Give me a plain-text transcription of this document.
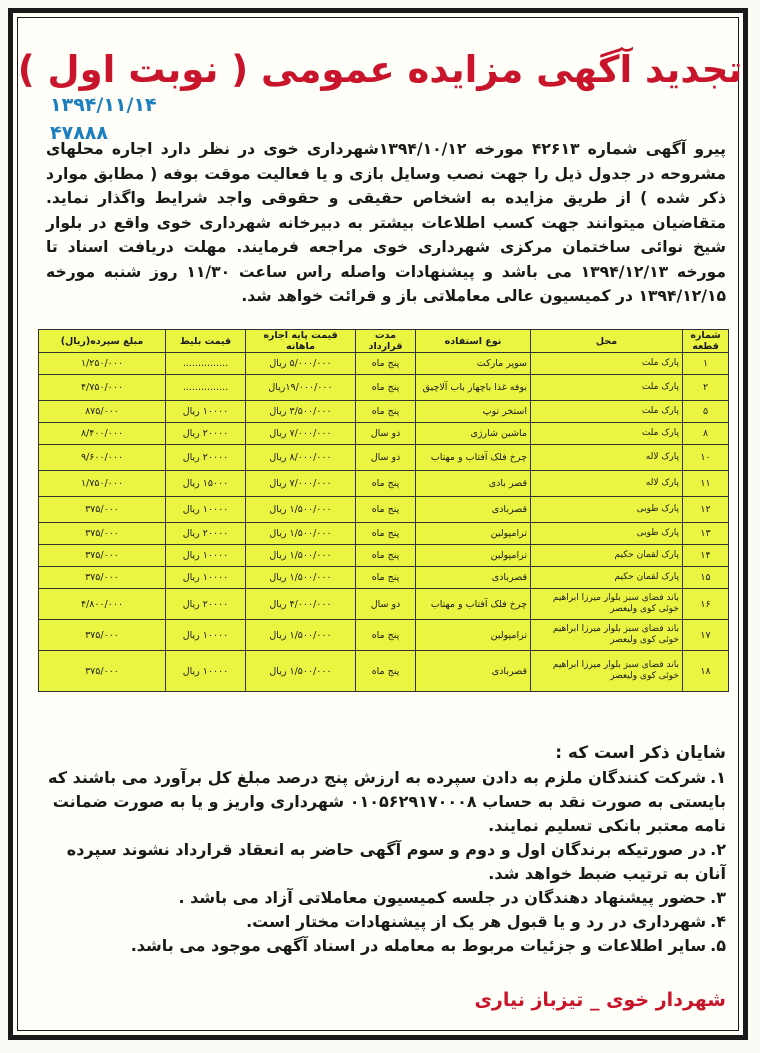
تجدید آگهی مزایده عمومی ( نوبت اول )
۱۳۹۴/۱۱/۱۴
۴۷۸۸۸

پیرو آگهی شماره ۴۲۶۱۳ مورخه ۱۳۹۴/۱۰/۱۲شهرداری خوی در نظر دارد اجاره محلهای مشروحه در جدول ذیل را جهت نصب وسایل بازی و یا فعالیت موقت بوفه ( مطابق موارد ذکر شده ) از طریق مزایده به اشخاص حقیقی و حقوقی واجد شرایط واگذار نماید. متقاضیان میتوانند جهت کسب اطلاعات بیشتر به دبیرخانه شهرداری خوی واقع در بلوار شیخ نوائی ساختمان مرکزی شهرداری خوی مراجعه فرمایند. مهلت دریافت اسناد تا مورخه ۱۳۹۴/۱۲/۱۳ می باشد و پیشنهادات واصله راس ساعت ۱۱/۳۰ روز شنبه مورخه ۱۳۹۴/۱۲/۱۵ در کمیسیون عالی معاملاتی باز و قرائت خواهد شد.

شماره قطعه	محل	نوع استفاده	مدت قرارداد	قیمت پایه اجاره ماهانه	قیمت بلیط	مبلغ سپرده(ریال)
۱	پارک ملت	سوپر مارکت	پنج ماه	۵/۰۰۰/۰۰۰ ریال	...............	۱/۲۵۰/۰۰۰
۲	پارک ملت	بوفه غذا باچهار باب آلاچیق	پنج ماه	۱۹/۰۰۰/۰۰۰ریال	...............	۴/۷۵۰/۰۰۰
۵	پارک ملت	استخر توپ	پنج ماه	۳/۵۰۰/۰۰۰ ریال	۱۰۰۰۰ ریال	۸۷۵/۰۰۰
۸	پارک ملت	ماشین شارژی	دو سال	۷/۰۰۰/۰۰۰ ریال	۲۰۰۰۰ ریال	۸/۴۰۰/۰۰۰
۱۰	پارک لاله	چرخ فلک آفتاب و مهتاب	دو سال	۸/۰۰۰/۰۰۰ ریال	۲۰۰۰۰ ریال	۹/۶۰۰/۰۰۰
۱۱	پارک لاله	قصر بادی	پنج ماه	۷/۰۰۰/۰۰۰ ریال	۱۵۰۰۰ ریال	۱/۷۵۰/۰۰۰
۱۲	پارک طوبی	قصربادی	پنج ماه	۱/۵۰۰/۰۰۰ ریال	۱۰۰۰۰ ریال	۳۷۵/۰۰۰
۱۳	پارک طوبی	ترامپولین	پنج ماه	۱/۵۰۰/۰۰۰ ریال	۲۰۰۰۰ ریال	۳۷۵/۰۰۰
۱۴	پارک لقمان حکیم	ترامپولین	پنج ماه	۱/۵۰۰/۰۰۰ ریال	۱۰۰۰۰ ریال	۳۷۵/۰۰۰
۱۵	پارک لقمان حکیم	قصربادی	پنج ماه	۱/۵۰۰/۰۰۰ ریال	۱۰۰۰۰ ریال	۳۷۵/۰۰۰
۱۶	باند فضای سبز بلوار میرزا ابراهیم خوئی کوی ولیعصر	چرخ فلک آفتاب و مهتاب	دو سال	۴/۰۰۰/۰۰۰ ریال	۲۰۰۰۰ ریال	۴/۸۰۰/۰۰۰
۱۷	باند فضای سبز بلوار میرزا ابراهیم خوئی کوی ولیعصر	ترامپولین	پنج ماه	۱/۵۰۰/۰۰۰ ریال	۱۰۰۰۰ ریال	۳۷۵/۰۰۰
۱۸	باند فضای سبز بلوار میرزا ابراهیم خوئی کوی ولیعصر	قصربادی	پنج ماه	۱/۵۰۰/۰۰۰ ریال	۱۰۰۰۰ ریال	۳۷۵/۰۰۰
شایان ذکر است که :
۱.شرکت کنندگان ملزم به دادن سپرده به ارزش پنج درصد مبلغ کل برآورد می باشند که بایستی به صورت نقد به حساب ۰۱۰۵۶۲۹۱۷۰۰۰۸ شهرداری واریز و یا به صورت ضمانت نامه معتبر بانکی تسلیم نمایند.
۲.در صورتیکه برندگان اول و دوم و سوم آگهی حاضر به انعقاد قرارداد نشوند سپرده آنان به ترتیب ضبط خواهد شد.
۳.حضور پیشنهاد دهندگان در جلسه کمیسیون معاملاتی آزاد می باشد .
۴.شهرداری در رد و یا قبول هر یک از پیشنهادات مختار است.
۵.سایر اطلاعات و جزئیات مربوط به معامله در اسناد آگهی موجود می باشد.
شهردار خوی _ تیزباز نیاری
